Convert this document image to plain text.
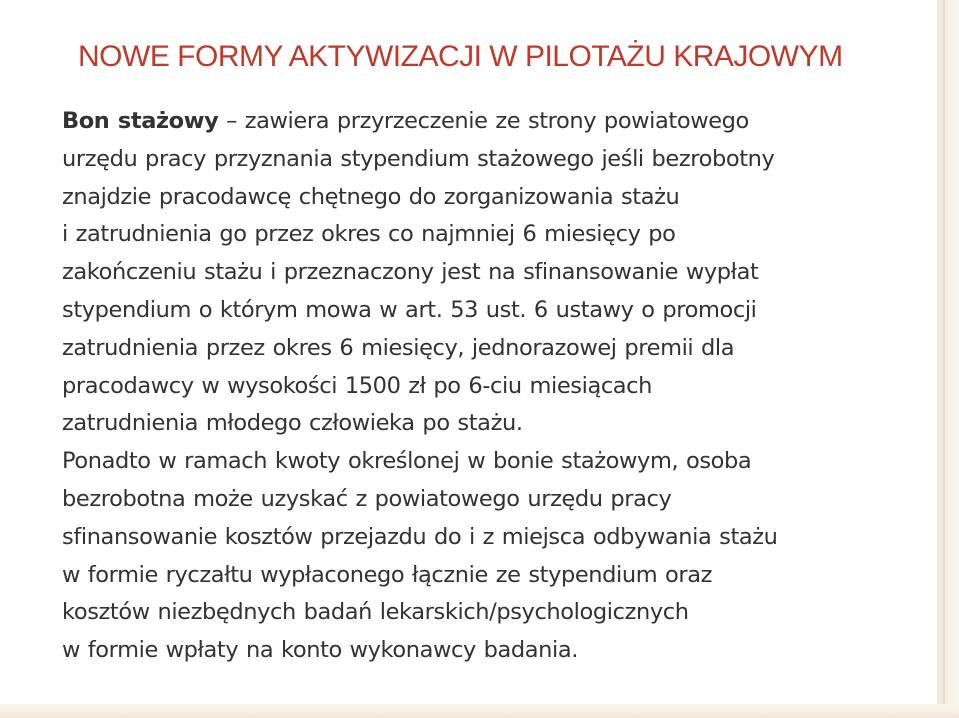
NOWE FORMY AKTYWIZACJI W PILOTAŻU KRAJOWYM
Bon stażowy – zawiera przyrzeczenie ze strony powiatowego
urzędu pracy przyznania stypendium stażowego jeśli bezrobotny
znajdzie pracodawcę chętnego do zorganizowania stażu
i zatrudnienia go przez okres co najmniej 6 miesięcy po
zakończeniu stażu i przeznaczony jest na sfinansowanie wypłat
stypendium o którym mowa w art. 53 ust. 6 ustawy o promocji
zatrudnienia przez okres 6 miesięcy, jednorazowej premii dla
pracodawcy w wysokości 1500 zł po 6-ciu miesiącach
zatrudnienia młodego człowieka po stażu.
Ponadto w ramach kwoty określonej w bonie stażowym, osoba
bezrobotna może uzyskać z powiatowego urzędu pracy
sfinansowanie kosztów przejazdu do i z miejsca odbywania stażu
w formie ryczałtu wypłaconego łącznie ze stypendium oraz
kosztów niezbędnych badań lekarskich/psychologicznych
w formie wpłaty na konto wykonawcy badania.
